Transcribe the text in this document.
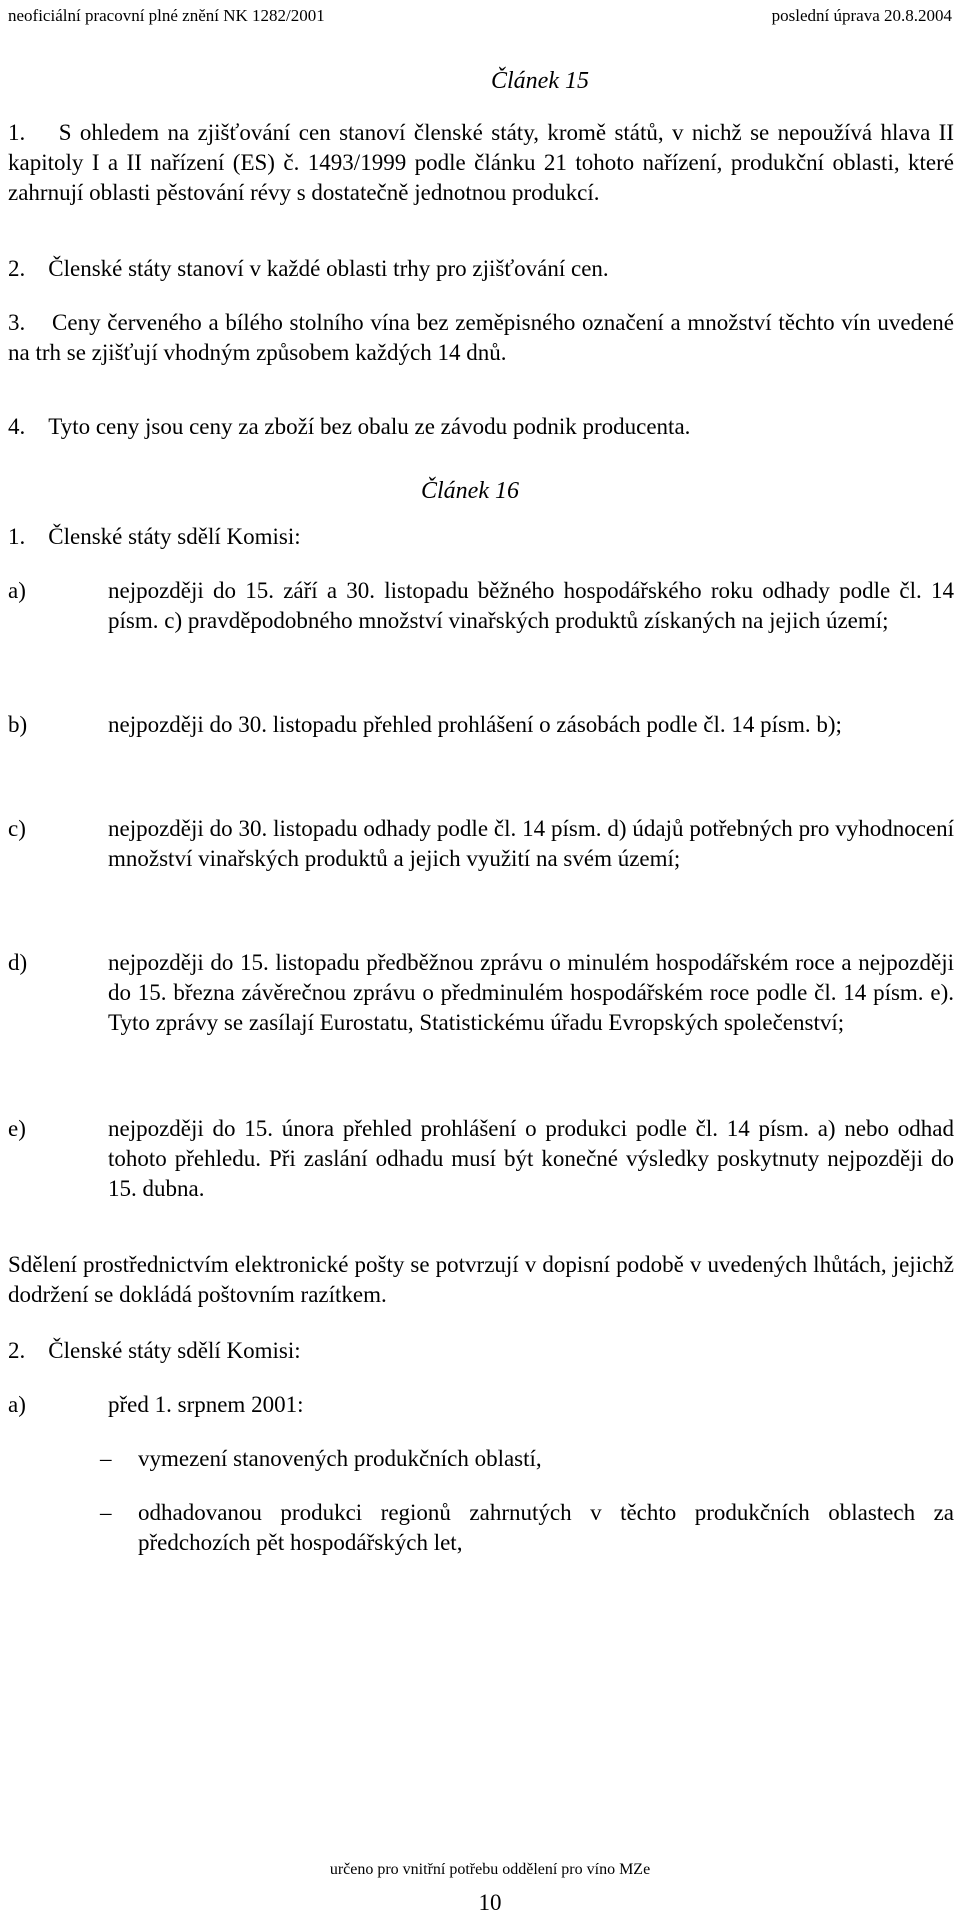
neoficiální pracovní plné znění NK 1282/2001	poslední úprava 20.8.2004
Článek 15
1.    S ohledem na zjišťování cen stanoví členské státy, kromě států, v nichž se nepoužívá hlava II kapitoly I a II nařízení (ES) č. 1493/1999 podle článku 21 tohoto nařízení, produkční oblasti, které zahrnují oblasti pěstování révy s dostatečně jednotnou produkcí.
2.    Členské státy stanoví v každé oblasti trhy pro zjišťování cen.
3.    Ceny červeného a bílého stolního vína bez zeměpisného označení a množství těchto vín uvedené na trh se zjišťují vhodným způsobem každých 14 dnů.
4.    Tyto ceny jsou ceny za zboží bez obalu ze závodu podnik producenta.
Článek 16
1.    Členské státy sdělí Komisi:
a)	nejpozději do 15. září a 30. listopadu běžného hospodářského roku odhady podle čl. 14 písm. c) pravděpodobného množství vinařských produktů získaných na jejich území;
b)	nejpozději do 30. listopadu přehled prohlášení o zásobách podle čl. 14 písm. b);
c)	nejpozději do 30. listopadu odhady podle čl. 14 písm. d) údajů potřebných pro vyhodnocení množství vinařských produktů a jejich využití na svém území;
d)	nejpozději do 15. listopadu předběžnou zprávu o minulém hospodářském roce a nejpozději do 15. března závěrečnou zprávu o předminulém hospodářském roce podle čl. 14 písm. e). Tyto zprávy se zasílají Eurostatu, Statistickému úřadu Evropských společenství;
e)	nejpozději do 15. února přehled prohlášení o produkci podle čl. 14 písm. a) nebo odhad tohoto přehledu. Při zaslání odhadu musí být konečné výsledky poskytnuty nejpozději do 15. dubna.
Sdělení prostřednictvím elektronické pošty se potvrzují v dopisní podobě v uvedených lhůtách, jejichž dodržení se dokládá poštovním razítkem.
2.    Členské státy sdělí Komisi:
a)	před 1. srpnem 2001:
–	vymezení stanovených produkčních oblastí,
–	odhadovanou produkci regionů zahrnutých v těchto produkčních oblastech za předchozích pět hospodářských let,
určeno pro vnitřní potřebu oddělení pro víno MZe
10
